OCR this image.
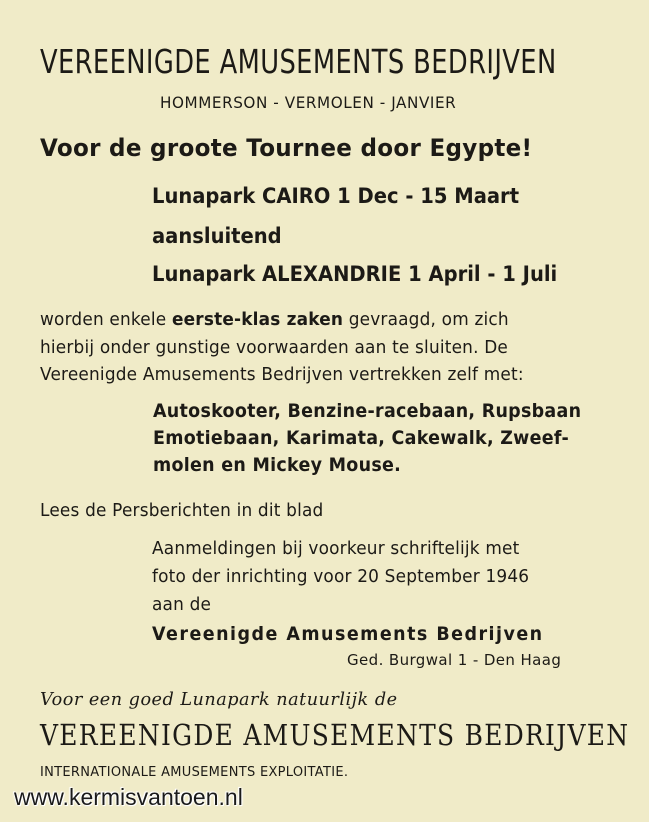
VEREENIGDE AMUSEMENTS BEDRIJVEN
HOMMERSON - VERMOLEN - JANVIER
Voor de groote Tournee door Egypte!
Lunapark CAIRO 1 Dec - 15 Maart
aansluitend
Lunapark ALEXANDRIE 1 April - 1 Juli
worden enkele eerste-klas zaken gevraagd, om zich
hierbij onder gunstige voorwaarden aan te sluiten. De
Vereenigde Amusements Bedrijven vertrekken zelf met:
Autoskooter, Benzine-racebaan, Rupsbaan
Emotiebaan, Karimata, Cakewalk, Zweef-
molen en Mickey Mouse.
Lees de Persberichten in dit blad
Aanmeldingen bij voorkeur schriftelijk met
foto der inrichting voor 20 September 1946
aan de
Vereenigde Amusements Bedrijven
Ged. Burgwal 1 - Den Haag
Voor een goed Lunapark natuurlijk de
VEREENIGDE AMUSEMENTS BEDRIJVEN
INTERNATIONALE AMUSEMENTS EXPLOITATIE.
www.kermisvantoen.nl
